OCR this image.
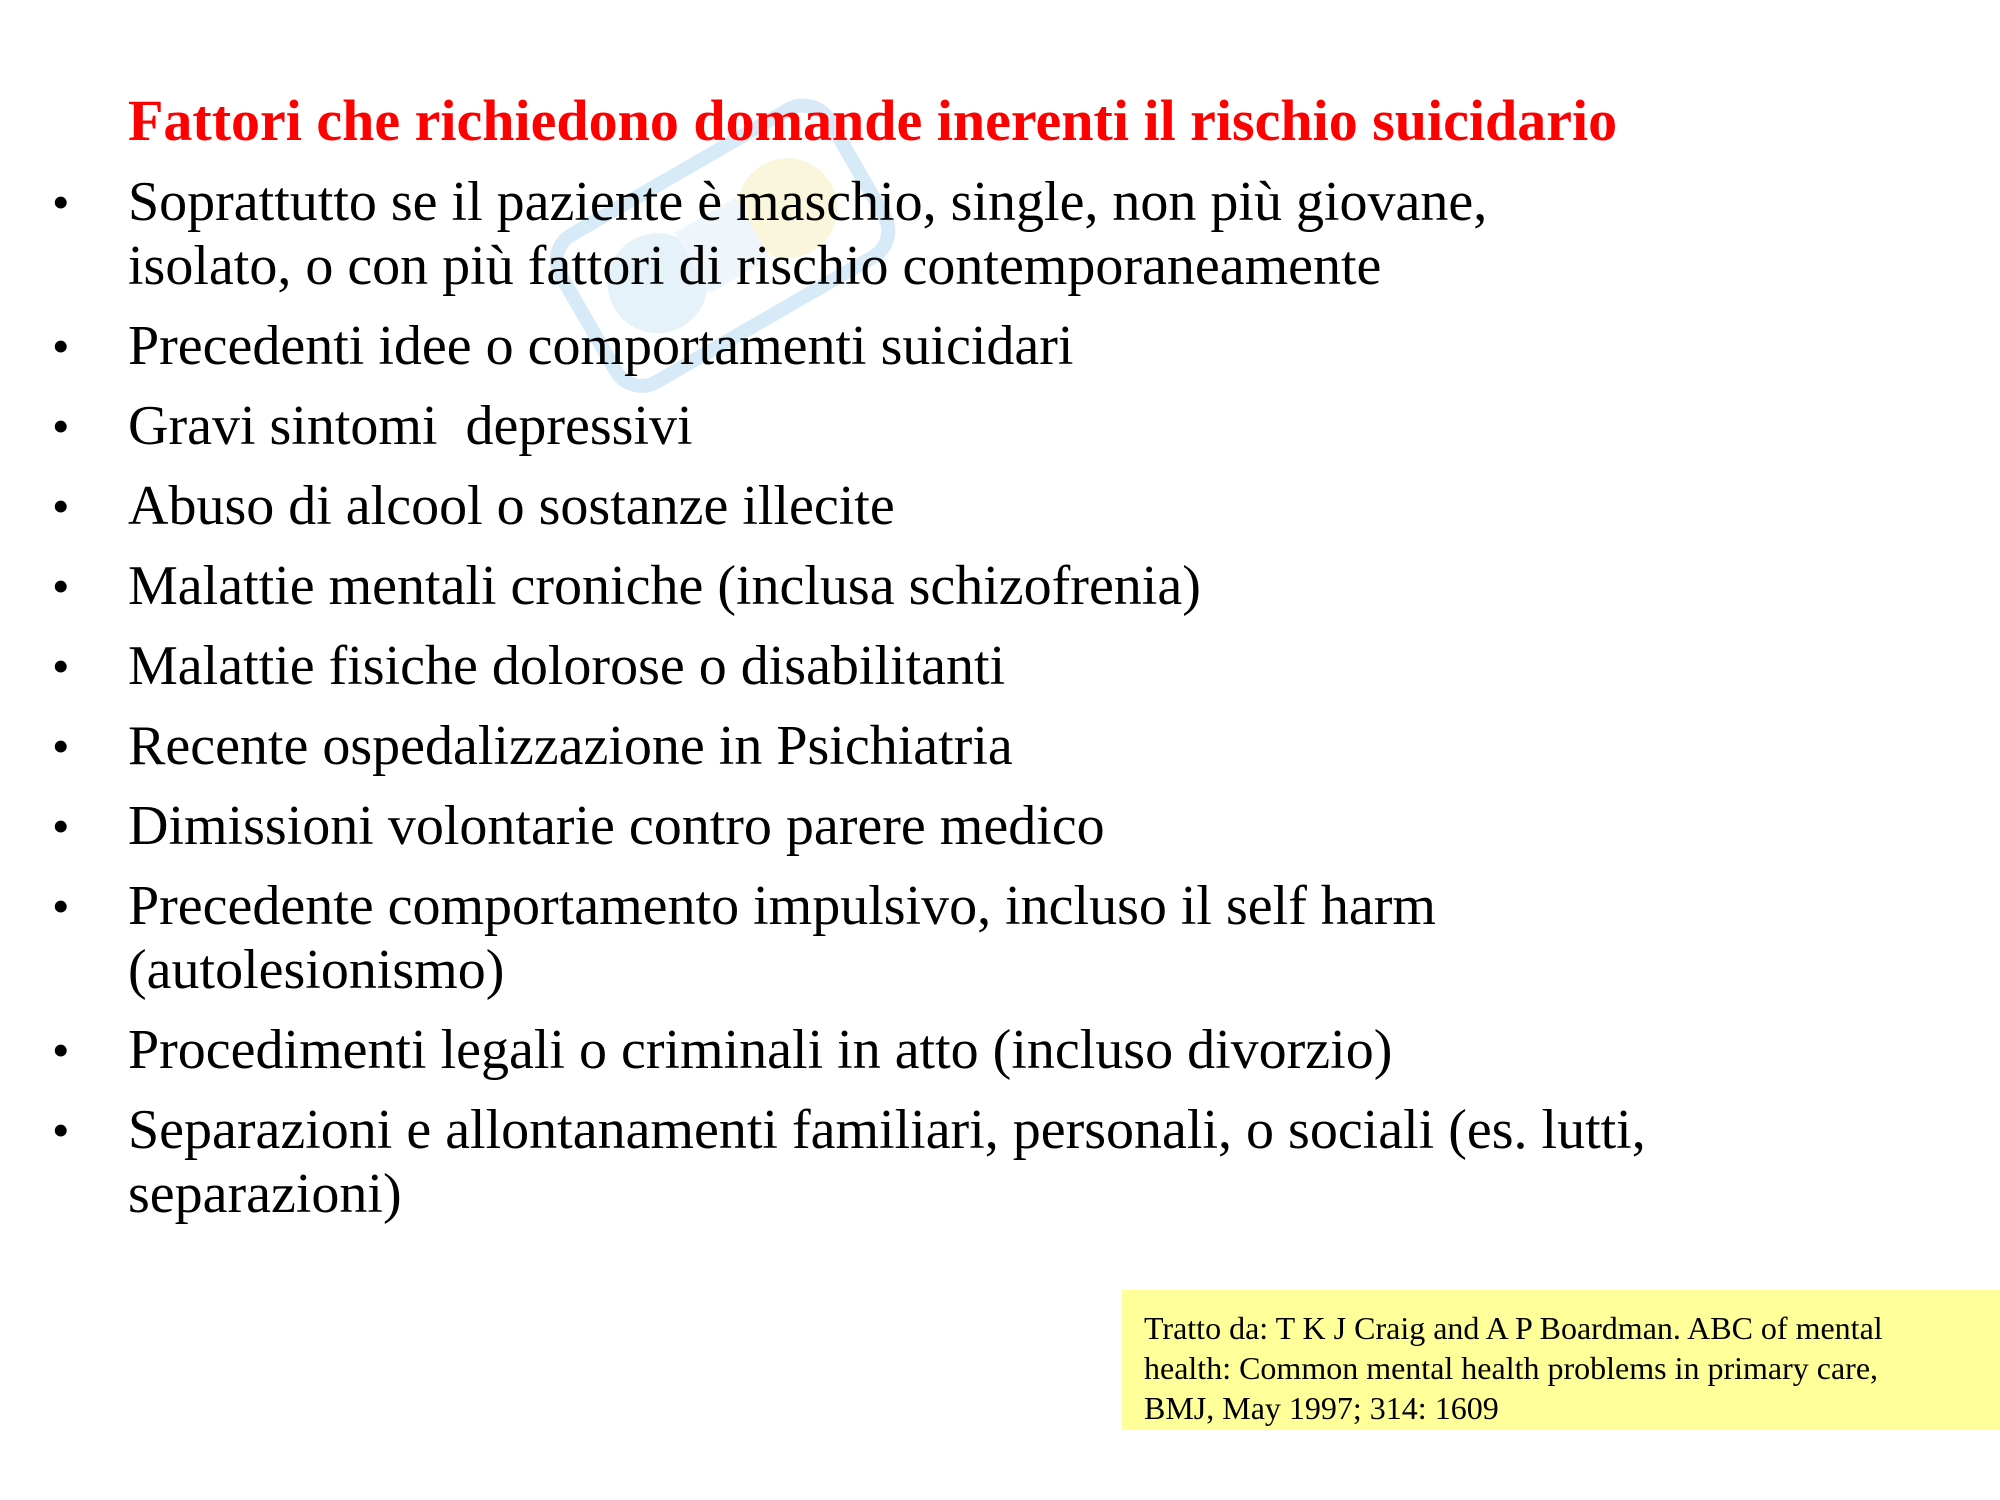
Fattori che richiedono domande inerenti il rischio suicidario
• Soprattutto se il paziente è maschio, single, non più giovane,
isolato, o con più fattori di rischio contemporaneamente
• Precedenti idee o comportamenti suicidari
• Gravi sintomi  depressivi
• Abuso di alcool o sostanze illecite
• Malattie mentali croniche (inclusa schizofrenia)
• Malattie fisiche dolorose o disabilitanti
• Recente ospedalizzazione in Psichiatria
• Dimissioni volontarie contro parere medico
• Precedente comportamento impulsivo, incluso il self harm
(autolesionismo)
• Procedimenti legali o criminali in atto (incluso divorzio)
• Separazioni e allontanamenti familiari, personali, o sociali (es. lutti,
separazioni)
Tratto da: T K J Craig and A P Boardman. ABC of mental
health: Common mental health problems in primary care,
BMJ, May 1997; 314: 1609
